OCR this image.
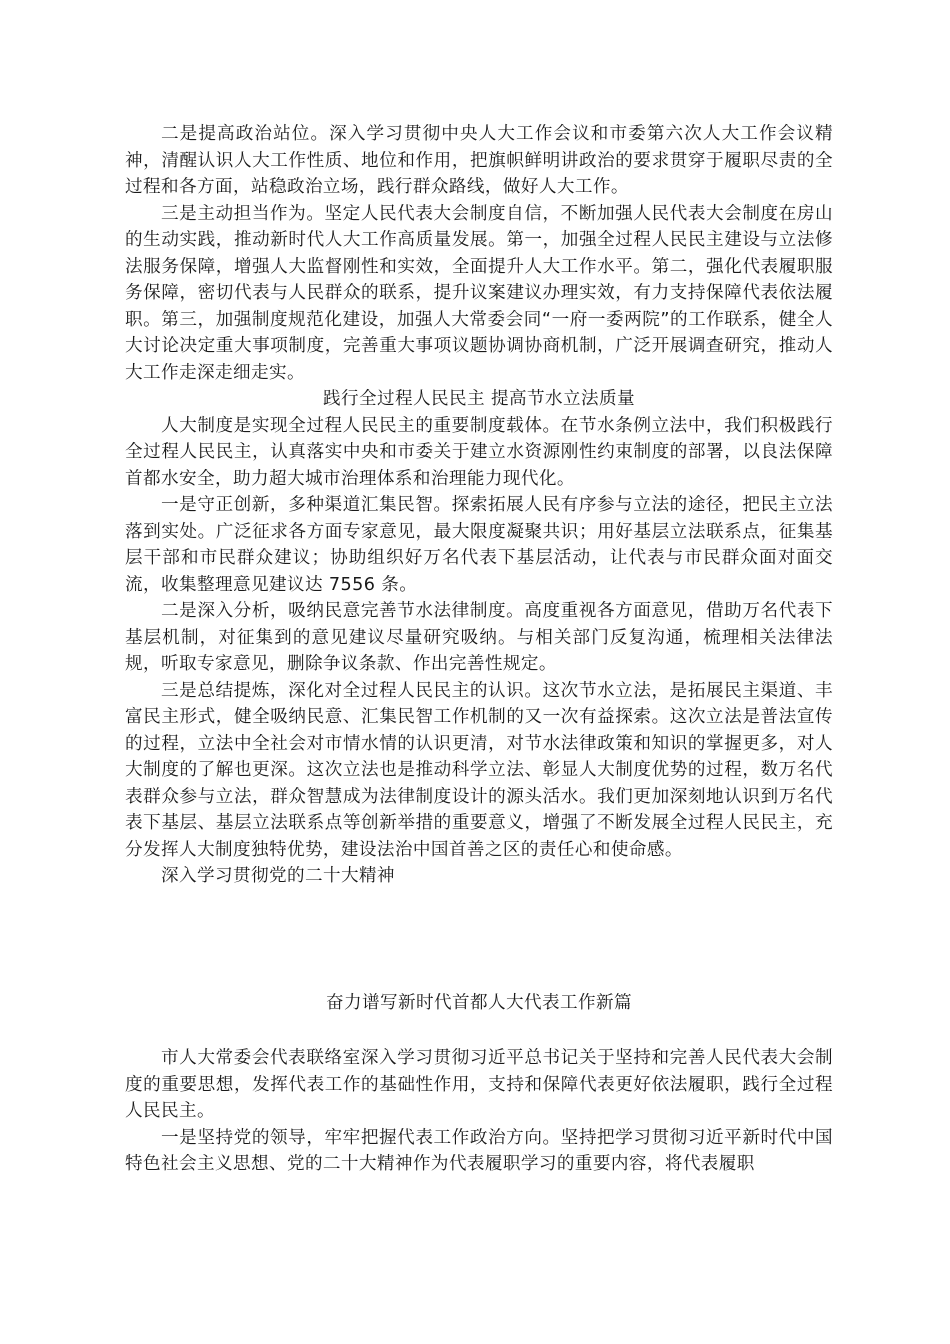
二是提高政治站位。深入学习贯彻中央人大工作会议和市委第六次人大工作会议精神，清醒认识人大工作性质、地位和作用，把旗帜鲜明讲政治的要求贯穿于履职尽责的全过程和各方面，站稳政治立场，践行群众路线，做好人大工作。

三是主动担当作为。坚定人民代表大会制度自信，不断加强人民代表大会制度在房山的生动实践，推动新时代人大工作高质量发展。第一，加强全过程人民民主建设与立法修法服务保障，增强人大监督刚性和实效，全面提升人大工作水平。第二，强化代表履职服务保障，密切代表与人民群众的联系，提升议案建议办理实效，有力支持保障代表依法履职。第三，加强制度规范化建设，加强人大常委会同“一府一委两院”的工作联系，健全人大讨论决定重大事项制度，完善重大事项议题协调协商机制，广泛开展调查研究，推动人大工作走深走细走实。

践行全过程人民民主 提高节水立法质量

人大制度是实现全过程人民民主的重要制度载体。在节水条例立法中，我们积极践行全过程人民民主，认真落实中央和市委关于建立水资源刚性约束制度的部署，以良法保障首都水安全，助力超大城市治理体系和治理能力现代化。

一是守正创新，多种渠道汇集民智。探索拓展人民有序参与立法的途径，把民主立法落到实处。广泛征求各方面专家意见，最大限度凝聚共识；用好基层立法联系点，征集基层干部和市民群众建议；协助组织好万名代表下基层活动，让代表与市民群众面对面交流，收集整理意见建议达 7556 条。

二是深入分析，吸纳民意完善节水法律制度。高度重视各方面意见，借助万名代表下基层机制，对征集到的意见建议尽量研究吸纳。与相关部门反复沟通，梳理相关法律法规，听取专家意见，删除争议条款、作出完善性规定。

三是总结提炼，深化对全过程人民民主的认识。这次节水立法，是拓展民主渠道、丰富民主形式，健全吸纳民意、汇集民智工作机制的又一次有益探索。这次立法是普法宣传的过程，立法中全社会对市情水情的认识更清，对节水法律政策和知识的掌握更多，对人大制度的了解也更深。这次立法也是推动科学立法、彰显人大制度优势的过程，数万名代表群众参与立法，群众智慧成为法律制度设计的源头活水。我们更加深刻地认识到万名代表下基层、基层立法联系点等创新举措的重要意义，增强了不断发展全过程人民民主，充分发挥人大制度独特优势，建设法治中国首善之区的责任心和使命感。

深入学习贯彻党的二十大精神

奋力谱写新时代首都人大代表工作新篇

市人大常委会代表联络室深入学习贯彻习近平总书记关于坚持和完善人民代表大会制度的重要思想，发挥代表工作的基础性作用，支持和保障代表更好依法履职，践行全过程人民民主。

一是坚持党的领导，牢牢把握代表工作政治方向。坚持把学习贯彻习近平新时代中国特色社会主义思想、党的二十大精神作为代表履职学习的重要内容，将代表履职
